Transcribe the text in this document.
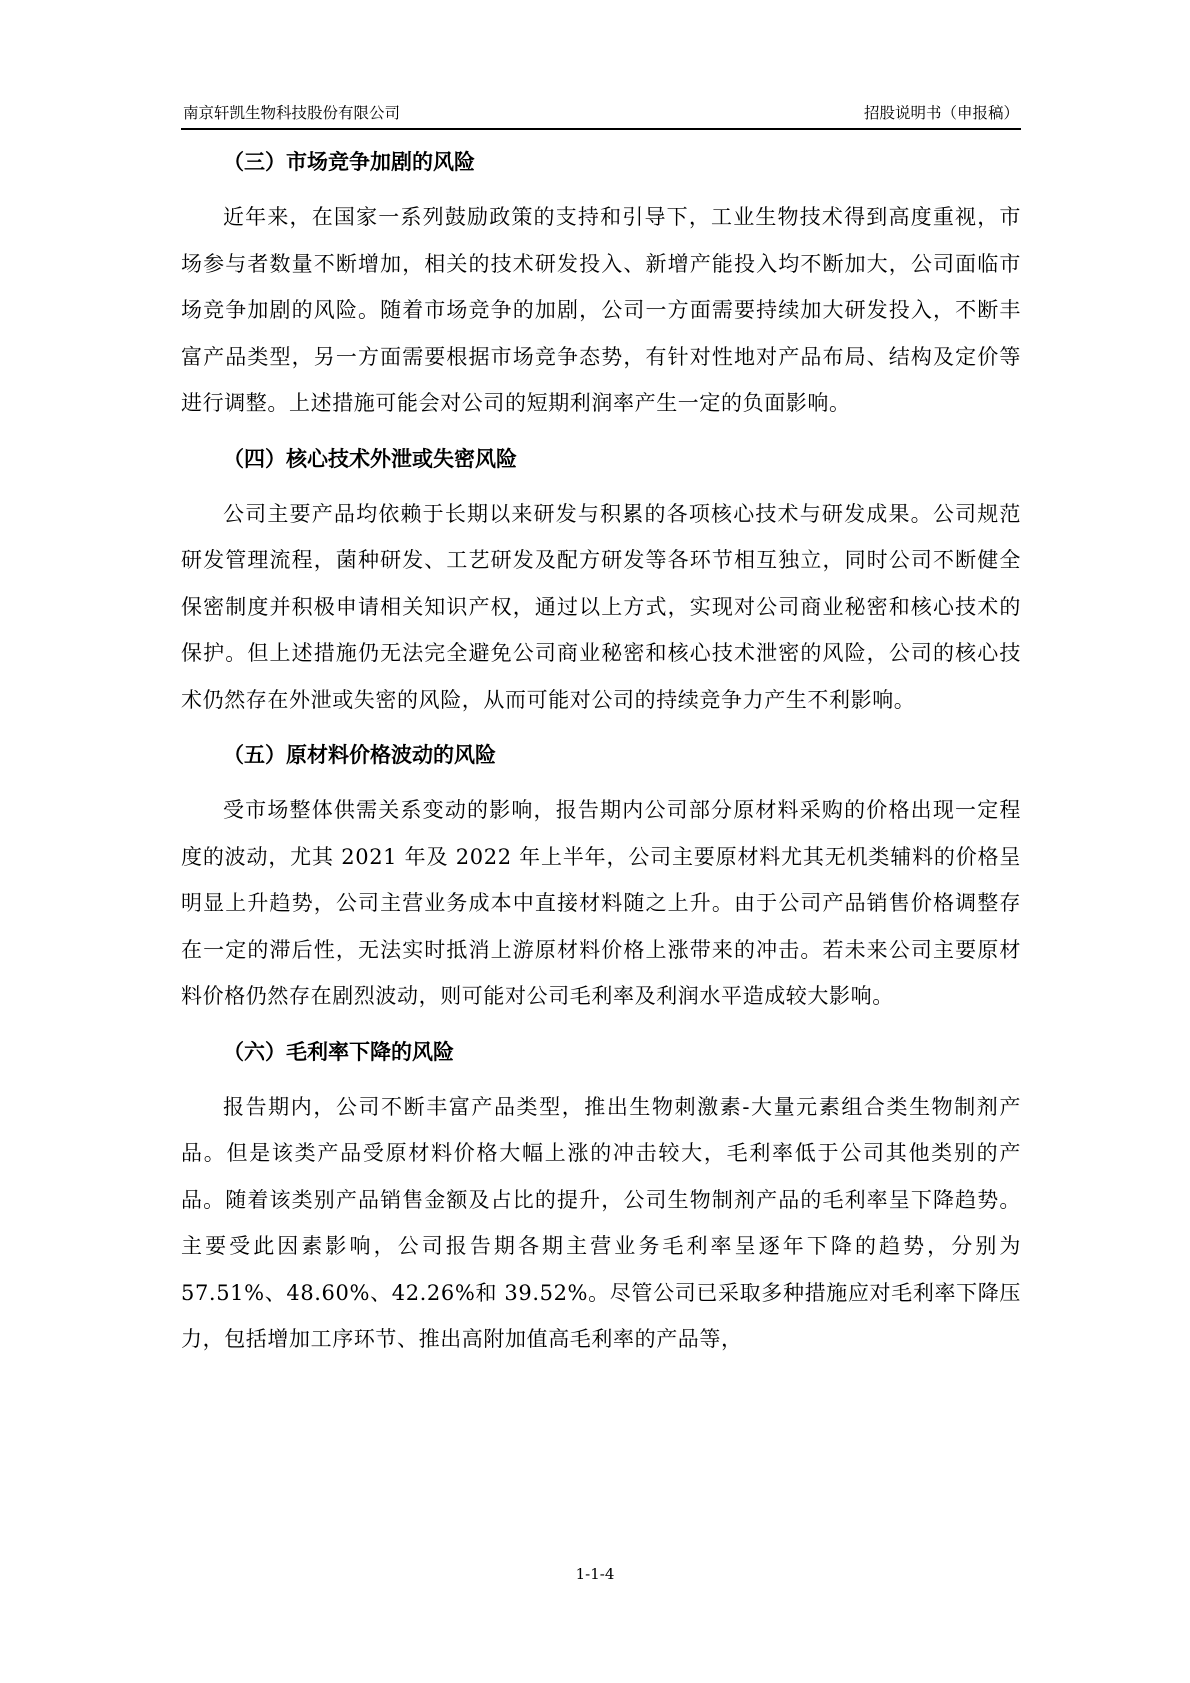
南京轩凯生物科技股份有限公司	招股说明书（申报稿）
（三）市场竞争加剧的风险

近年来，在国家一系列鼓励政策的支持和引导下，工业生物技术得到高度重视，市场参与者数量不断增加，相关的技术研发投入、新增产能投入均不断加大，公司面临市场竞争加剧的风险。随着市场竞争的加剧，公司一方面需要持续加大研发投入，不断丰富产品类型，另一方面需要根据市场竞争态势，有针对性地对产品布局、结构及定价等进行调整。上述措施可能会对公司的短期利润率产生一定的负面影响。

（四）核心技术外泄或失密风险

公司主要产品均依赖于长期以来研发与积累的各项核心技术与研发成果。公司规范研发管理流程，菌种研发、工艺研发及配方研发等各环节相互独立，同时公司不断健全保密制度并积极申请相关知识产权，通过以上方式，实现对公司商业秘密和核心技术的保护。但上述措施仍无法完全避免公司商业秘密和核心技术泄密的风险，公司的核心技术仍然存在外泄或失密的风险，从而可能对公司的持续竞争力产生不利影响。

（五）原材料价格波动的风险

受市场整体供需关系变动的影响，报告期内公司部分原材料采购的价格出现一定程度的波动，尤其 2021 年及 2022 年上半年，公司主要原材料尤其无机类辅料的价格呈明显上升趋势，公司主营业务成本中直接材料随之上升。由于公司产品销售价格调整存在一定的滞后性，无法实时抵消上游原材料价格上涨带来的冲击。若未来公司主要原材料价格仍然存在剧烈波动，则可能对公司毛利率及利润水平造成较大影响。

（六）毛利率下降的风险

报告期内，公司不断丰富产品类型，推出生物刺激素-大量元素组合类生物制剂产品。但是该类产品受原材料价格大幅上涨的冲击较大，毛利率低于公司其他类别的产品。随着该类别产品销售金额及占比的提升，公司生物制剂产品的毛利率呈下降趋势。主要受此因素影响，公司报告期各期主营业务毛利率呈逐年下降的趋势，分别为 57.51%、48.60%、42.26%和 39.52%。尽管公司已采取多种措施应对毛利率下降压力，包括增加工序环节、推出高附加值高毛利率的产品等，

1-1-4
